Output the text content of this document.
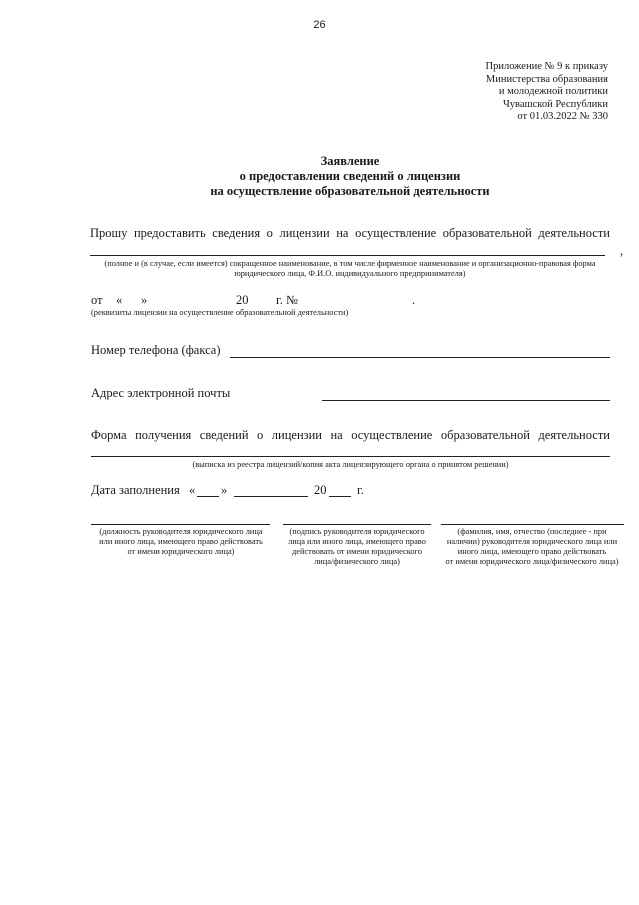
26
Приложение № 9 к приказу
Министерства образования
и молодежной политики
Чувашской Республики
от 01.03.2022 № 330
Заявление
о предоставлении сведений о лицензии
на осуществление образовательной деятельности
Прошу предоставить сведения о лицензии на осуществление образовательной деятельности
,
(полное и (в случае, если имеется) сокращенное наименование, в том числе фирменное наименование и организационно-правовая форма
юридического лица, Ф.И.О. индивидуального предпринимателя)
от « »	20 г. №	.
(реквизиты лицензии на осуществление образовательной деятельности)
Номер телефона (факса)
Адрес электронной почты
Форма получения сведений о лицензии на осуществление образовательной деятельности
(выписка из реестра лицензий/копия акта лицензирующего органа о принятом решении)
Дата заполнения « »	20 г.
(должность руководителя юридического лица
или иного лица, имеющего право действовать
от имени юридического лица)
(подпись руководителя юридического
лица или иного лица, имеющего право
действовать от имени юридического
лица/физического лица)
(фамилия, имя, отчество (последнее - при
наличии) руководителя юридического лица или
иного лица, имеющего право действовать
от имени юридического лица/физического лица)
